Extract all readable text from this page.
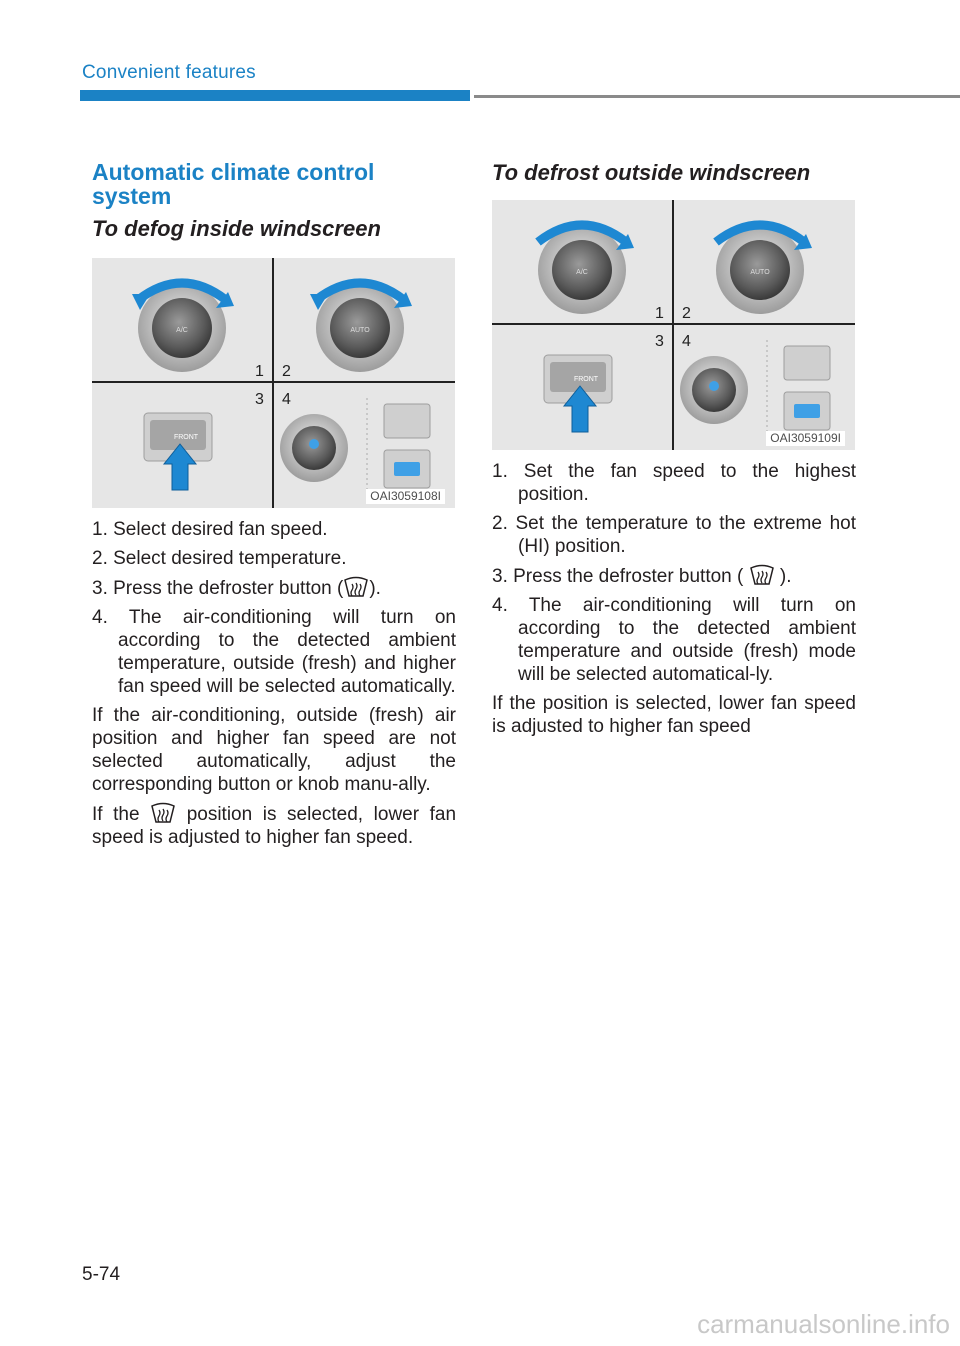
Convenient features
Automatic climate control system
To defog inside windscreen
A/C	AUTO
1 2
3 4
FRONT
OAI3059108I
1. Select desired fan speed.
2. Select desired temperature.
3. Press the defroster button ( ).
4. The air-conditioning will turn on according to the detected ambient temperature, outside (fresh) and higher fan speed will be selected automatically.

If the air-conditioning, outside (fresh) air position and higher fan speed are not selected automatically, adjust the corresponding button or knob manu-ally.

If the position is selected, lower fan speed is adjusted to higher fan speed.

To defrost outside windscreen
A/C	AUTO
1 2
3 4
FRONT
OAI3059109I
1. Set the fan speed to the highest position.
2. Set the temperature to the extreme hot (HI) position.
3. Press the defroster button ( ).
4. The air-conditioning will turn on according to the detected ambient temperature and outside (fresh) mode will be selected automatical-ly.

If the position is selected, lower fan speed is adjusted to higher fan speed

5-74
carmanualsonline.info
